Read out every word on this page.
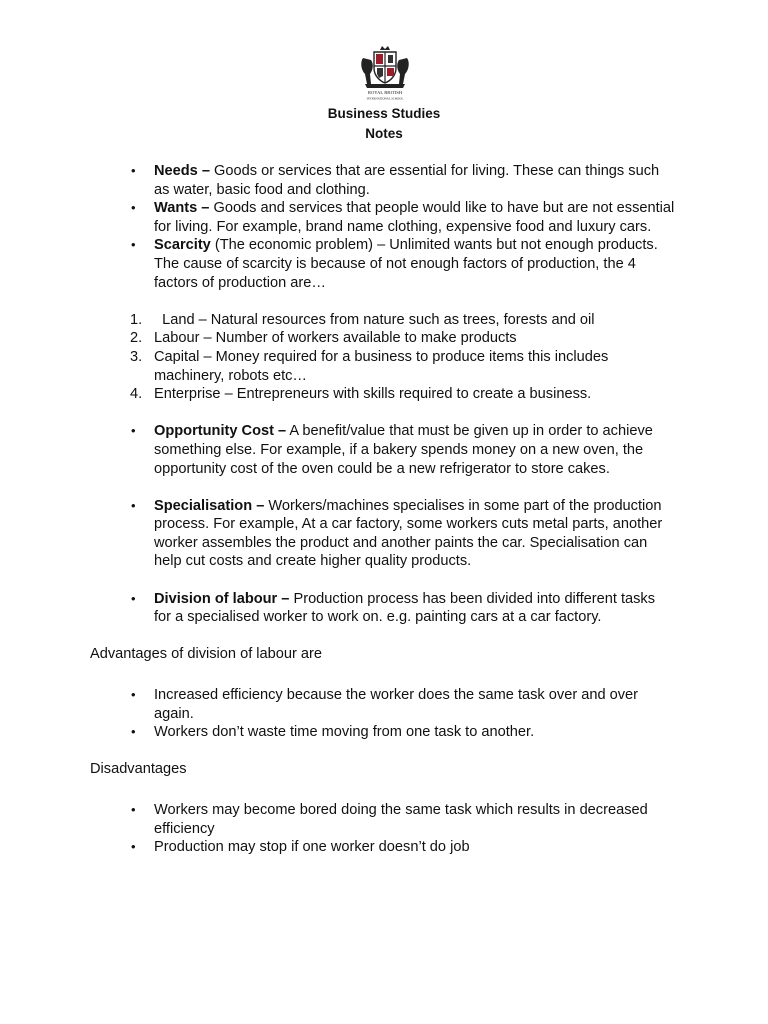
ROYAL BRITISH
INTERNATIONAL SCHOOL
Business Studies
Notes
• Needs – Goods or services that are essential for living. These can things such as water, basic food and clothing.
• Wants – Goods and services that people would like to have but are not essential for living. For example, brand name clothing, expensive food and luxury cars.
• Scarcity (The economic problem) – Unlimited wants but not enough products. The cause of scarcity is because of not enough factors of production, the 4 factors of production are…
1. Land – Natural resources from nature such as trees, forests and oil
2. Labour – Number of workers available to make products
3. Capital – Money required for a business to produce items this includes machinery, robots etc…
4. Enterprise – Entrepreneurs with skills required to create a business.
• Opportunity Cost – A benefit/value that must be given up in order to achieve something else. For example, if a bakery spends money on a new oven, the opportunity cost of the oven could be a new refrigerator to store cakes.
• Specialisation – Workers/machines specialises in some part of the production process. For example, At a car factory, some workers cuts metal parts, another worker assembles the product and another paints the car. Specialisation can help cut costs and create higher quality products.
• Division of labour – Production process has been divided into different tasks for a specialised worker to work on. e.g. painting cars at a car factory.
Advantages of division of labour are
• Increased efficiency because the worker does the same task over and over again.
• Workers don’t waste time moving from one task to another.
Disadvantages
• Workers may become bored doing the same task which results in decreased efficiency
• Production may stop if one worker doesn’t do job
